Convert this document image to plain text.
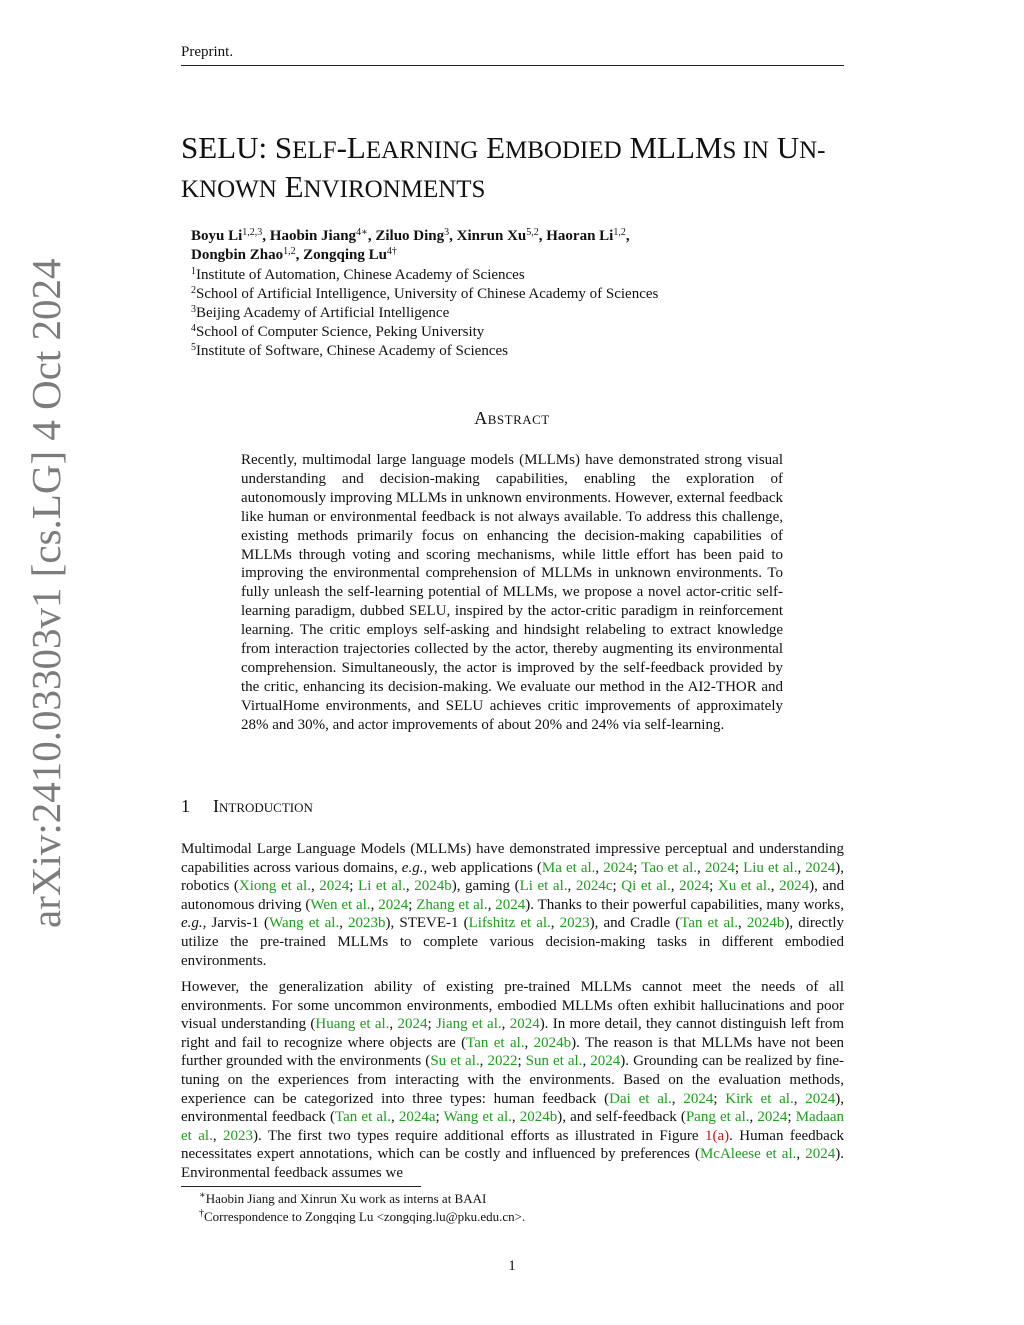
Preprint.
arXiv:2410.03303v1 [cs.LG] 4 Oct 2024
SELU: SELF-LEARNING EMBODIED MLLMS IN UN-
KNOWN ENVIRONMENTS
Boyu Li$^{1,2,3}$, Haobin Jiang$^{4∗}$, Ziluo Ding$^3$, Xinrun Xu$^{5,2}$, Haoran Li$^{1,2}$,
Dongbin Zhao$^{1,2}$, Zongqing $Lu^{4\dagger}$
$^1$Institute of Automation, Chinese Academy of Sciences
$^2$School of Artificial Intelligence, University of Chinese Academy of Sciences
$^3$Beijing Academy of Artificial Intelligence
$^4$School of Computer Science, Peking University
$^5$Institute of Software, Chinese Academy of Sciences
Abstract
Recently, multimodal large language models (MLLMs) have demonstrated strong visual understanding and decision-making capabilities, enabling the exploration of autonomously improving MLLMs in unknown environments. However, external feedback like human or environmental feedback is not always available. To address this challenge, existing methods primarily focus on enhancing the decision-making capabilities of MLLMs through voting and scoring mechanisms, while little effort has been paid to improving the environmental comprehension of MLLMs in unknown environments. To fully unleash the self-learning potential of MLLMs, we propose a novel actor-critic self-learning paradigm, dubbed SELU, inspired by the actor-critic paradigm in reinforcement learning. The critic employs self-asking and hindsight relabeling to extract knowledge from interaction trajectories collected by the actor, thereby augmenting its environmental comprehension. Simultaneously, the actor is improved by the self-feedback provided by the critic, enhancing its decision-making. We evaluate our method in the AI2-THOR and VirtualHome environments, and SELU achieves critic improvements of approximately 28% and 30%, and actor improvements of about 20% and 24% via self-learning.
1 Introduction
Multimodal Large Language Models (MLLMs) have demonstrated impressive perceptual and understanding capabilities across various domains, e.g., web applications (Ma et al., 2024; Tao et al., 2024; Liu et al., 2024), robotics (Xiong et al., 2024; Li et al., 2024b), gaming (Li et al., 2024c; Qi et al., 2024; Xu et al., 2024), and autonomous driving (Wen et al., 2024; Zhang et al., 2024). Thanks to their powerful capabilities, many works, e.g., Jarvis-1 (Wang et al., 2023b), STEVE-1 (Lifshitz et al., 2023), and Cradle (Tan et al., 2024b), directly utilize the pre-trained MLLMs to complete various decision-making tasks in different embodied environments.
However, the generalization ability of existing pre-trained MLLMs cannot meet the needs of all environments. For some uncommon environments, embodied MLLMs often exhibit hallucinations and poor visual understanding (Huang et al., 2024; Jiang et al., 2024). In more detail, they cannot distinguish left from right and fail to recognize where objects are (Tan et al., 2024b). The reason is that MLLMs have not been further grounded with the environments (Su et al., 2022; Sun et al., 2024). Grounding can be realized by fine-tuning on the experiences from interacting with the environments. Based on the evaluation methods, experience can be categorized into three types: human feedback (Dai et al., 2024; Kirk et al., 2024), environmental feedback (Tan et al., 2024a; Wang et al., 2024b), and self-feedback (Pang et al., 2024; Madaan et al., 2023). The first two types require additional efforts as illustrated in Figure 1(a). Human feedback necessitates expert annotations, which can be costly and influenced by preferences (McAleese et al., 2024). Environmental feedback assumes we
∗Haobin Jiang and Xinrun Xu work as interns at BAAI
†Correspondence to Zongqing Lu <zongqing.lu@pku.edu.cn>.
1
